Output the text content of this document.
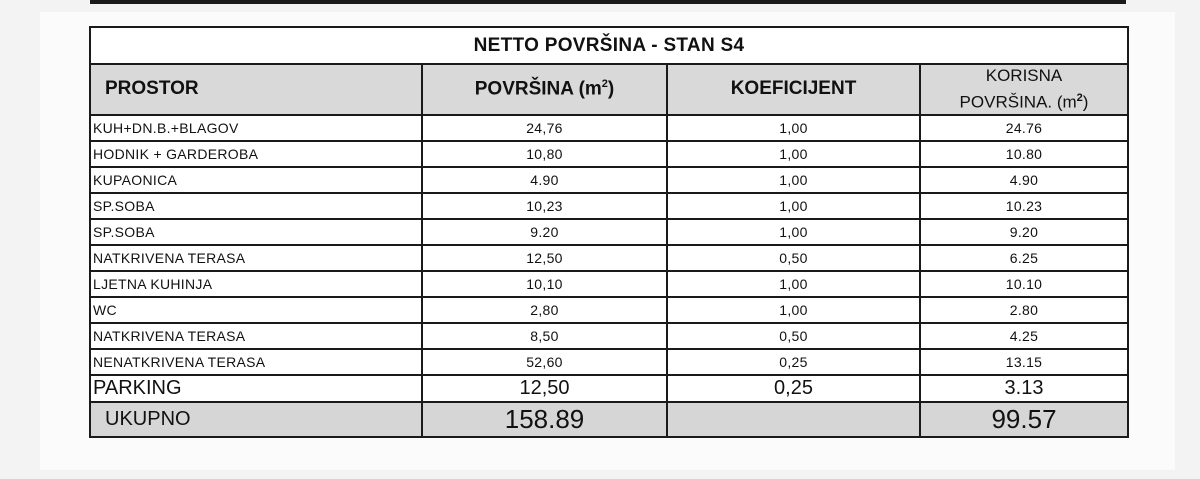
NETTO POVRŠINA - STAN S4			
PROSTOR	POVRŠINA $(m^2)$	KOEFICIJENT	KORISNA
POVRŠINA. $(m^2)$

KUH+DN.B.+BLAGOV	24,76	1,00	24.76
HODNIK + GARDEROBA	10,80	1,00	10.80
KUPAONICA	4.90	1,00	4.90
SP.SOBA	10,23	1,00	10.23
SP.SOBA	9.20	1,00	9.20
NATKRIVENA TERASA	12,50	0,50	6.25
LJETNA KUHINJA	10,10	1,00	10.10
WC	2,80	1,00	2.80
NATKRIVENA TERASA	8,50	0,50	4.25
NENATKRIVENA TERASA	52,60	0,25	13.15
PARKING	12,50	0,25	3.13
UKUPNO	158.89		99.57
